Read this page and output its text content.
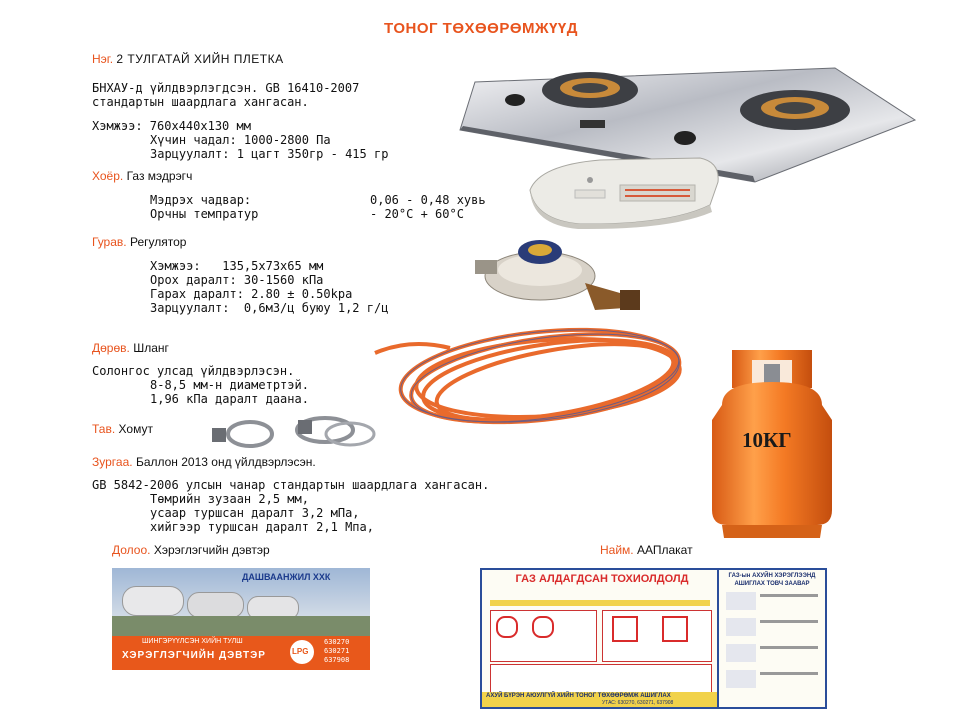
ТОНОГ ТӨХӨӨРӨМЖҮҮД
Нэг. 2 ТУЛГАТАЙ ХИЙН ПЛЕТКА
БНХАУ-д үйлдвэрлэгдсэн. GB 16410-2007
стандартын шаардлага хангасан.
Хэмжээ: 760x440x130 мм
Хүчин чадал: 1000-2800 Па
Зарцуулалт: 1 цагт 350гр - 415 гр
Хоёр. Газ мэдрэгч
Мэдрэх чадвар:	0,06 - 0,48 хувь
Орчны темпратур	- 20°C + 60°C
Гурав. Регулятор
Хэмжээ:   135,5x73x65 мм
Орох даралт: 30-1560 кПа
Гарах даралт: 2.80 ± 0.50kpa
Зарцуулалт:  0,6м3/ц буюу 1,2 г/ц
Дөрөв. Шланг
Солонгос улсад үйлдвэрлэсэн.
8-8,5 мм-н диаметртэй.
1,96 кПа даралт даана.
Тав. Хомут
Зургаа. Баллон 2013 онд үйлдвэрлэсэн.
GB 5842-2006 улсын чанар стандартын шаардлага хангасан.
Төмрийн зузаан 2,5 мм,
усаар туршсан даралт 3,2 мПа,
хийгээр туршсан даралт 2,1 Мпа,
10КГ
Долоо. Хэрэглэгчийн дэвтэр
ДАШВААНЖИЛ ХХК
ШИНГЭРҮҮЛСЭН ХИЙН ТУЛШ
ХЭРЭГЛЭГЧИЙН ДЭВТЭР	LPG
630270
630271
637908
Найм. ААПлакат
ГАЗ АЛДАГДСАН ТОХИОЛДОЛД
АХУЙ БҮРЭН АЮУЛГҮЙ ХИЙН ТОНОГ ТӨХӨӨРӨМЖ АШИГЛАХ
УТАС: 630270, 630271, 637908
ГАЗ-ын АХУЙН ХЭРЭГЛЭЭНД АШИГЛАХ ТОВЧ ЗААВАР
